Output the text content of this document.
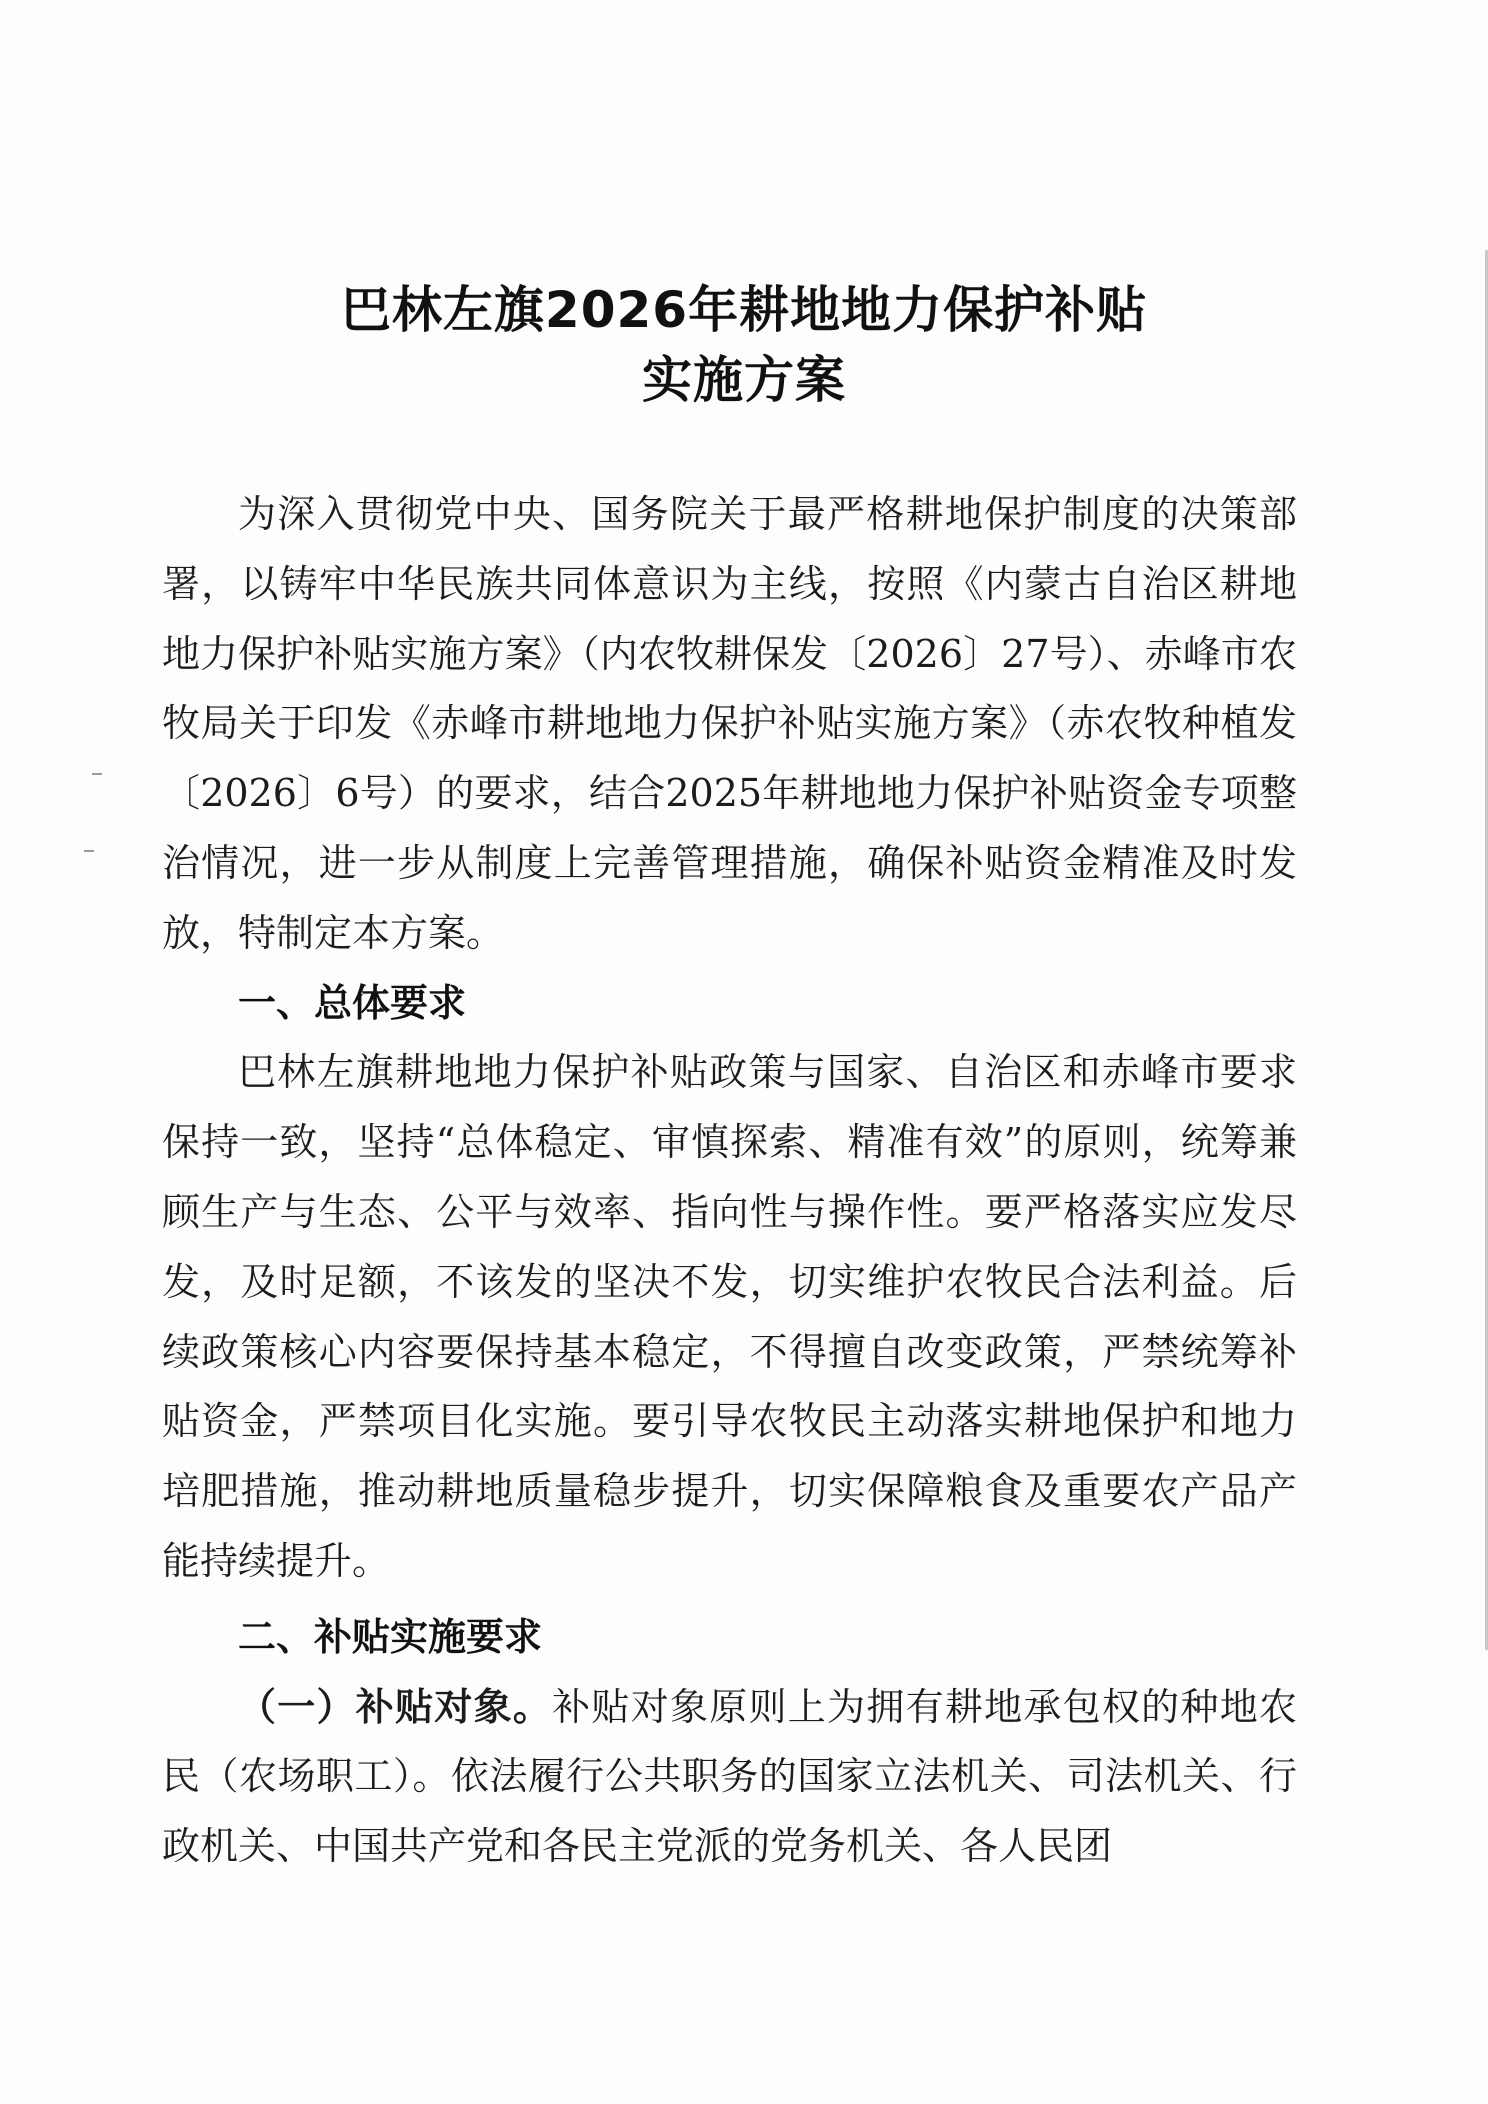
巴林左旗2026年耕地地力保护补贴
实施方案

为深入贯彻党中央、国务院关于最严格耕地保护制度的决策部署，以铸牢中华民族共同体意识为主线，按照《内蒙古自治区耕地地力保护补贴实施方案》（内农牧耕保发〔2026〕27号）、赤峰市农牧局关于印发《赤峰市耕地地力保护补贴实施方案》（赤农牧种植发〔2026〕6号）的要求，结合2025年耕地地力保护补贴资金专项整治情况，进一步从制度上完善管理措施，确保补贴资金精准及时发放，特制定本方案。

一、总体要求

巴林左旗耕地地力保护补贴政策与国家、自治区和赤峰市要求保持一致，坚持“总体稳定、审慎探索、精准有效”的原则，统筹兼顾生产与生态、公平与效率、指向性与操作性。要严格落实应发尽发，及时足额，不该发的坚决不发，切实维护农牧民合法利益。后续政策核心内容要保持基本稳定，不得擅自改变政策，严禁统筹补贴资金，严禁项目化实施。要引导农牧民主动落实耕地保护和地力培肥措施，推动耕地质量稳步提升，切实保障粮食及重要农产品产能持续提升。

二、补贴实施要求

（一）补贴对象。补贴对象原则上为拥有耕地承包权的种地农民（农场职工）。依法履行公共职务的国家立法机关、司法机关、行政机关、中国共产党和各民主党派的党务机关、各人民团
